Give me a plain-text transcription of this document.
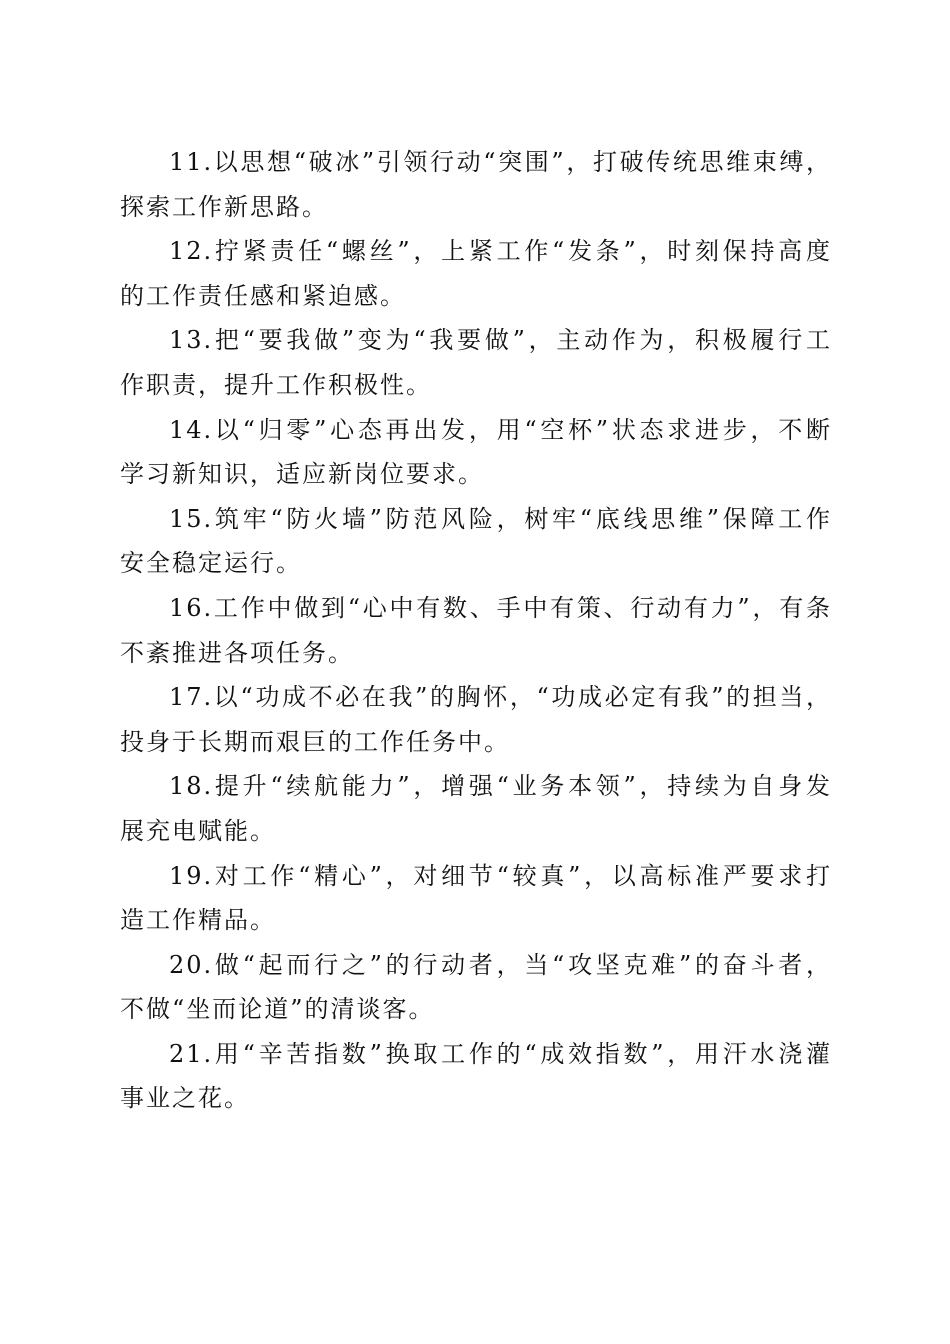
11.以思想“破冰”引领行动“突围”，打破传统思维束缚，
探索工作新思路。
12.拧紧责任“螺丝”，上紧工作“发条”，时刻保持高度
的工作责任感和紧迫感。
13.把“要我做”变为“我要做”，主动作为，积极履行工
作职责，提升工作积极性。
14.以“归零”心态再出发，用“空杯”状态求进步，不断
学习新知识，适应新岗位要求。
15.筑牢“防火墙”防范风险，树牢“底线思维”保障工作
安全稳定运行。
16.工作中做到“心中有数、手中有策、行动有力”，有条
不紊推进各项任务。
17.以“功成不必在我”的胸怀，“功成必定有我”的担当，
投身于长期而艰巨的工作任务中。
18.提升“续航能力”，增强“业务本领”，持续为自身发
展充电赋能。
19.对工作“精心”，对细节“较真”，以高标准严要求打
造工作精品。
20.做“起而行之”的行动者，当“攻坚克难”的奋斗者，
不做“坐而论道”的清谈客。
21.用“辛苦指数”换取工作的“成效指数”，用汗水浇灌
事业之花。
